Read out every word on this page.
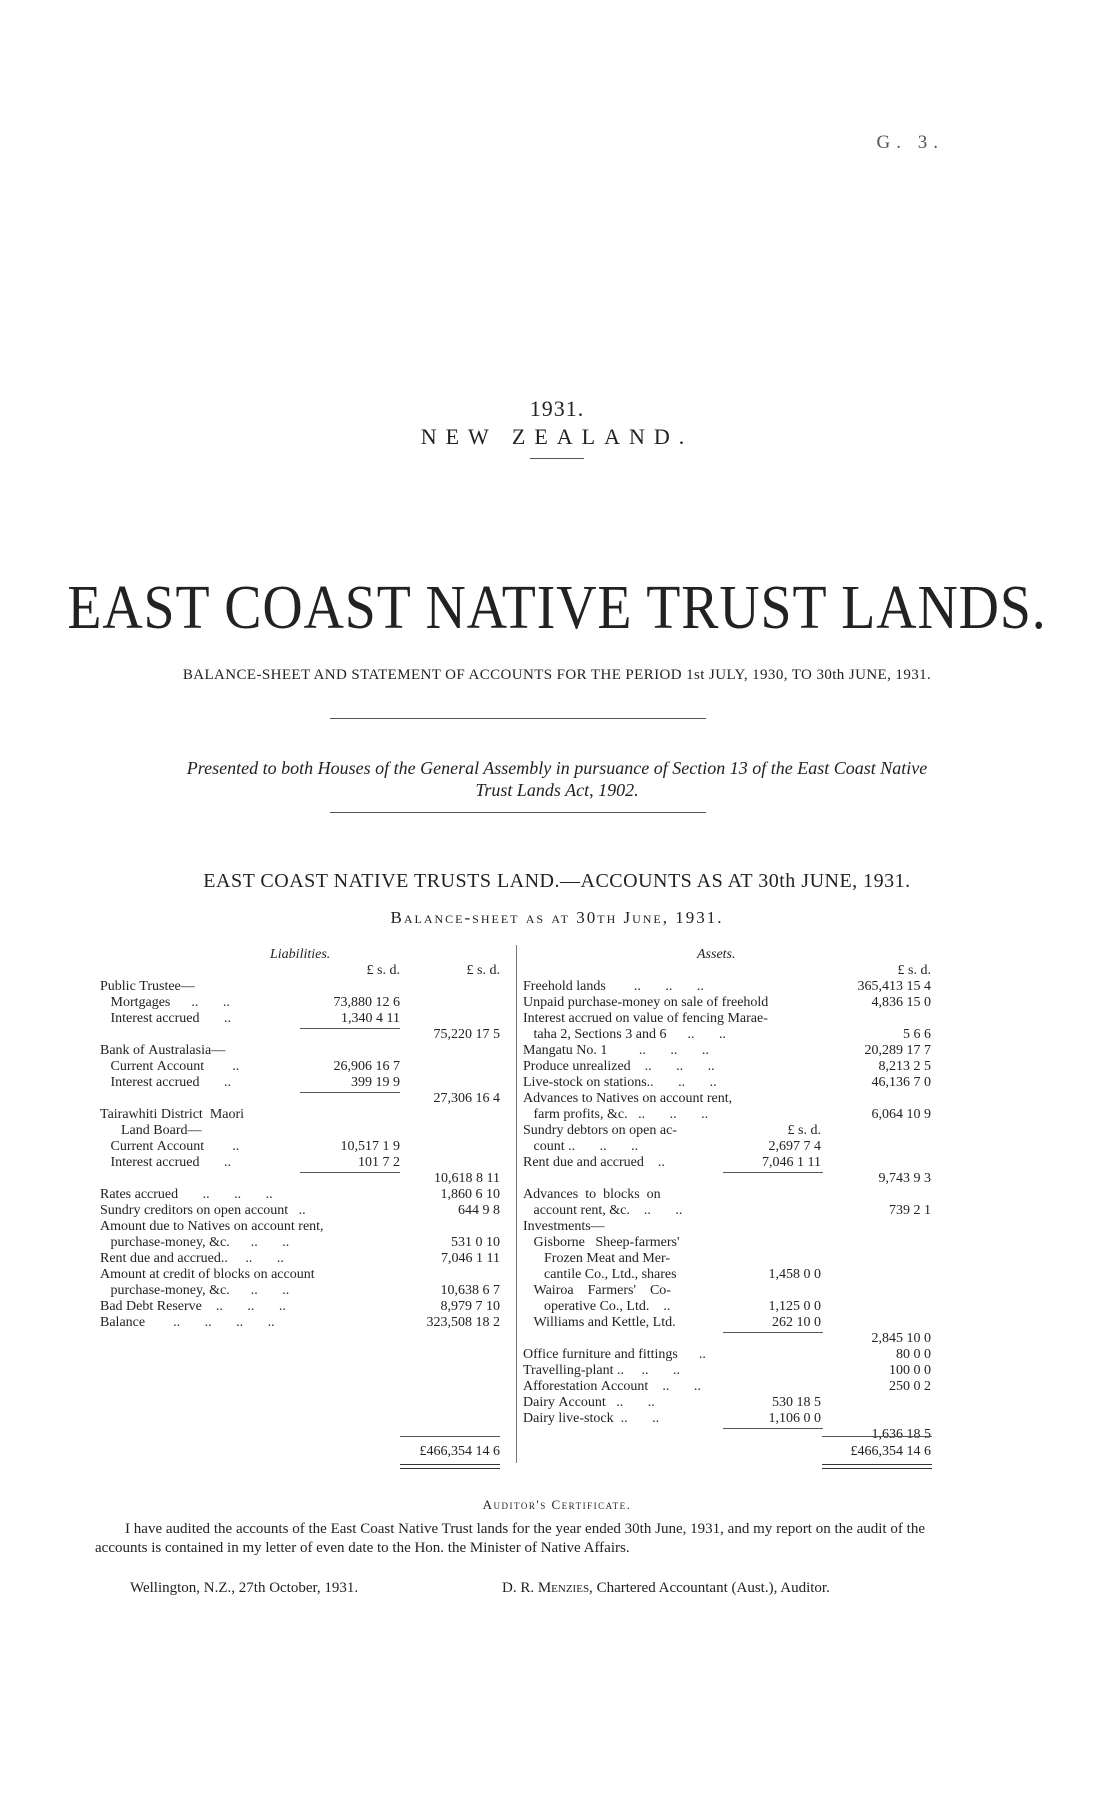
G. 3.
1931.
NEW ZEALAND.
EAST COAST NATIVE TRUST LANDS.
BALANCE-SHEET AND STATEMENT OF ACCOUNTS FOR THE PERIOD 1st JULY, 1930, TO 30th JUNE, 1931.
Presented to both Houses of the General Assembly in pursuance of Section 13 of the East Coast Native
Trust Lands Act, 1902.
EAST COAST NATIVE TRUSTS LAND.—ACCOUNTS AS AT 30th JUNE, 1931.
Balance-sheet as at 30th June, 1931.
Liabilities.	Assets.
£ s. d.	£ s. d.
Public Trustee—
Mortgages      ..       ..	73,880 12 6
Interest accrued       ..	1,340 4 11
75,220 17 5
Bank of Australasia—
Current Account        ..	26,906 16 7
Interest accrued       ..	399 19 9
27,306 16 4
Tairawhiti District  Maori
Land Board—
Current Account        ..	10,517 1 9
Interest accrued       ..	101 7 2
10,618 8 11
Rates accrued       ..       ..       ..	1,860 6 10
Sundry creditors on open account   ..	644 9 8
Amount due to Natives on account rent,
purchase-money, &c.      ..       ..	531 0 10
Rent due and accrued..     ..       ..	7,046 1 11
Amount at credit of blocks on account
purchase-money, &c.      ..       ..	10,638 6 7
Bad Debt Reserve    ..       ..       ..	8,979 7 10
Balance        ..       ..       ..       ..	323,508 18 2
£466,354 14 6
£ s. d.
Freehold lands        ..       ..       ..	365,413 15 4
Unpaid purchase-money on sale of freehold	4,836 15 0
Interest accrued on value of fencing Marae-
taha 2, Sections 3 and 6      ..       ..	5 6 6
Mangatu No. 1         ..       ..       ..	20,289 17 7
Produce unrealized    ..       ..       ..	8,213 2 5
Live-stock on stations..       ..       ..	46,136 7 0
Advances to Natives on account rent,
farm profits, &c.   ..       ..       ..	6,064 10 9
Sundry debtors on open ac-	£ s. d.
count ..       ..       ..	2,697 7 4
Rent due and accrued    ..	7,046 1 11
9,743 9 3
Advances  to  blocks  on
account rent, &c.    ..       ..	739 2 1
Investments—
Gisborne   Sheep-farmers'
Frozen Meat and Mer-
cantile Co., Ltd., shares	1,458 0 0
Wairoa    Farmers'    Co-
operative Co., Ltd.    ..	1,125 0 0
Williams and Kettle, Ltd.	262 10 0
2,845 10 0
Office furniture and fittings      ..	80 0 0
Travelling-plant ..     ..       ..	100 0 0
Afforestation Account    ..       ..	250 0 2
Dairy Account   ..       ..	530 18 5
Dairy live-stock  ..       ..	1,106 0 0
1,636 18 5
£466,354 14 6
Auditor's Certificate.
I have audited the accounts of the East Coast Native Trust lands for the year ended 30th June, 1931, and my report on the audit of the accounts is contained in my letter of even date to the Hon. the Minister of Native Affairs.
Wellington, N.Z., 27th October, 1931.	D. R. Menzies, Chartered Accountant (Aust.), Auditor.
